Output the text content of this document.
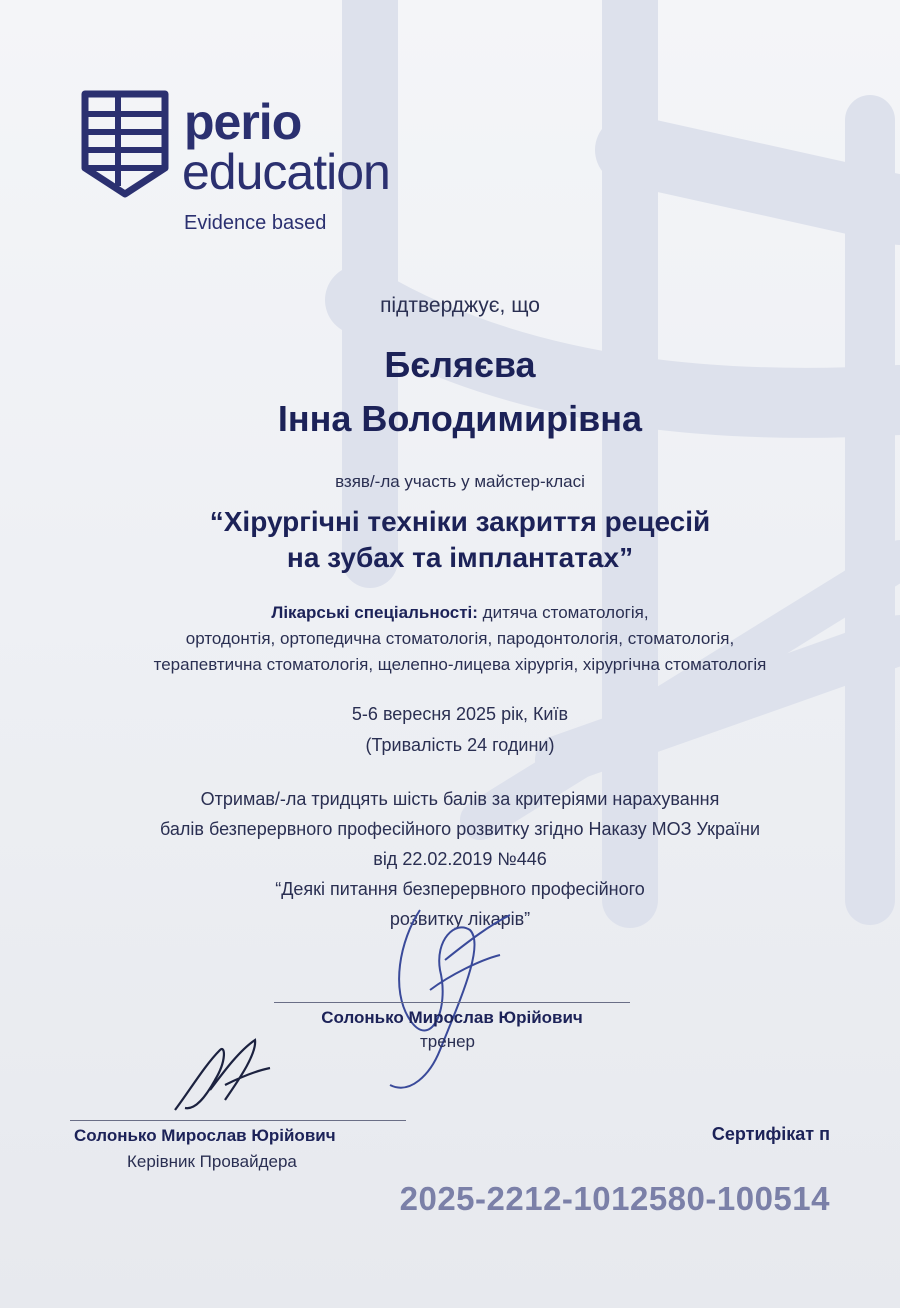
perio
education
Evidence based
підтверджує, що
Бєляєва
Інна Володимирівна
взяв/-ла участь у майстер-класі
“Хірургічні техніки закриття рецесій
на зубах та імплантатах”
Лікарські спеціальності: дитяча стоматологія,
ортодонтія, ортопедична стоматологія, пародонтологія, стоматологія,
терапевтична стоматологія, щелепно-лицева хірургія, хірургічна стоматологія
5-6 вересня 2025 рік, Київ
(Тривалість 24 години)
Отримав/-ла тридцять шість балів за критеріями нарахування
балів безперервного професійного розвитку згідно Наказу МОЗ України
від 22.02.2019 №446
“Деякі питання безперервного професійного
розвитку лікарів”
Солонько Мирослав Юрійович
тренер
Солонько Мирослав Юрійович
Керівник Провайдера
Сертифікат п
2025-2212-1012580-100514
